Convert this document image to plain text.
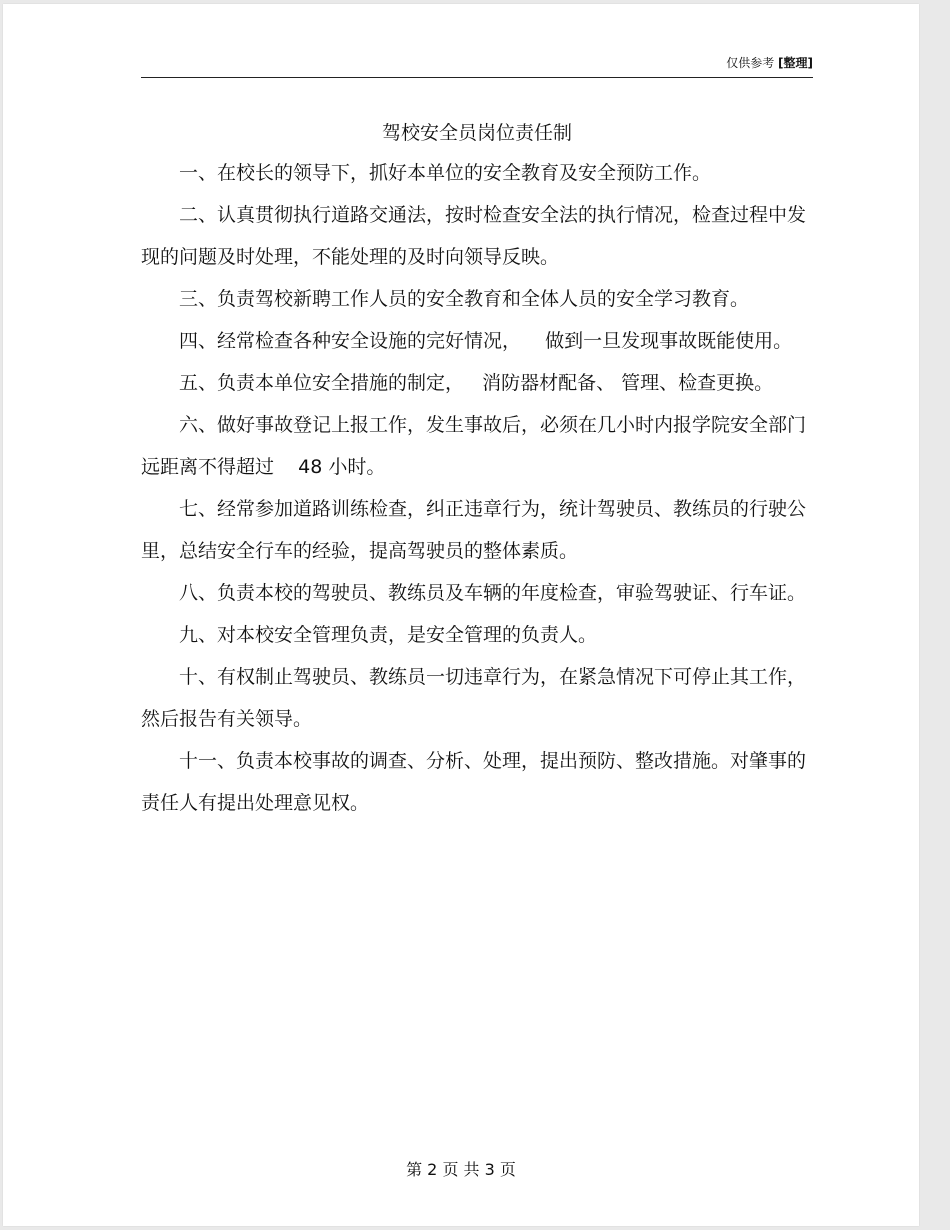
仅供参考 [整理]
驾校安全员岗位责任制

一、在校长的领导下，抓好本单位的安全教育及安全预防工作。

二、认真贯彻执行道路交通法，按时检查安全法的执行情况，检查过程中发现的问题及时处理，不能处理的及时向领导反映。

三、负责驾校新聘工作人员的安全教育和全体人员的安全学习教育。

四、经常检查各种安全设施的完好情况，    做到一旦发现事故既能使用。

五、负责本单位安全措施的制定，   消防器材配备、 管理、检查更换。

六、做好事故登记上报工作，发生事故后，必须在几小时内报学院安全部门远距离不得超过    48 小时。

七、经常参加道路训练检查，纠正违章行为，统计驾驶员、教练员的行驶公里，总结安全行车的经验，提高驾驶员的整体素质。

八、负责本校的驾驶员、教练员及车辆的年度检查，审验驾驶证、行车证。

九、对本校安全管理负责，是安全管理的负责人。

十、有权制止驾驶员、教练员一切违章行为，在紧急情况下可停止其工作，然后报告有关领导。

十一、负责本校事故的调查、分析、处理，提出预防、整改措施。对肇事的责任人有提出处理意见权。

第 2 页 共 3 页
